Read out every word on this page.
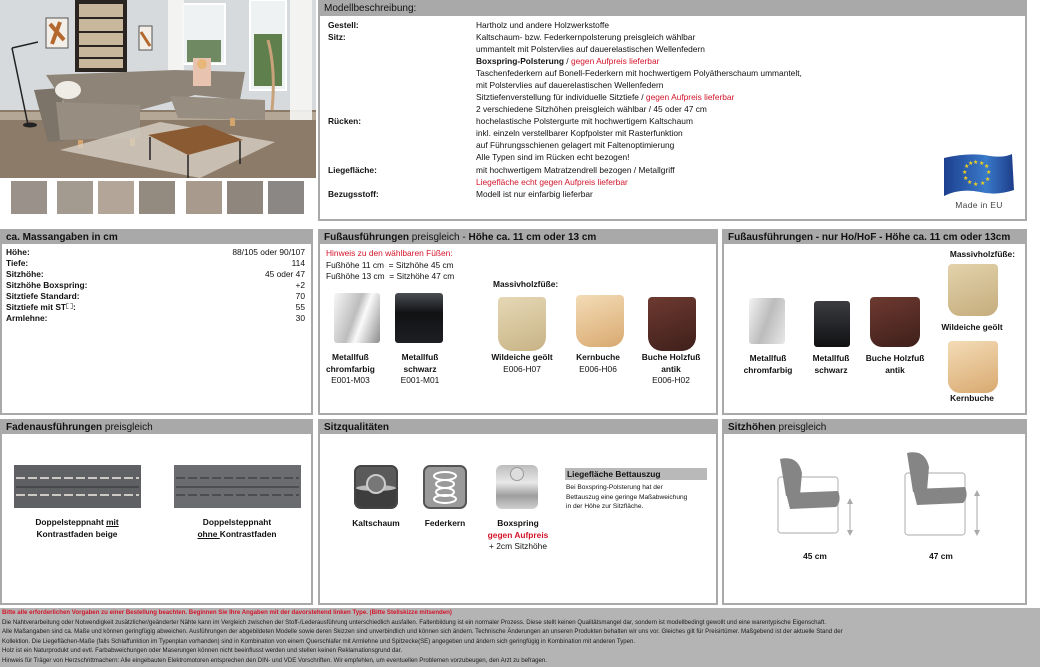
Modellbeschreibung:
Gestell:	Hartholz und andere Holzwerkstoffe
Sitz:	Kaltschaum- bzw. Federkernpolsterung preisgleich wählbar
ummantelt mit Polstervlies auf dauerelastischen Wellenfedern
Boxspring-Polsterung / gegen Aufpreis lieferbar
Taschenfederkern auf Bonell-Federkern mit hochwertigem Polyätherschaum ummantelt,
mit Polstervlies auf dauerelastischen Wellenfedern
Sitztiefenverstellung für individuelle Sitztiefe / gegen Aufpreis lieferbar
2 verschiedene Sitzhöhen preisgleich wählbar / 45 oder 47 cm
Rücken:	hochelastische Polstergurte mit hochwertigem Kaltschaum
inkl. einzeln verstellbarer Kopfpolster mit Rasterfunktion
auf Führungsschienen gelagert mit Faltenoptimierung
Alle Typen sind im Rücken echt bezogen!
Liegefläche:	mit hochwertigem Matratzendrell bezogen / Metallgriff
Liegefläche echt gegen Aufpreis lieferbar
Bezugsstoff:	Modell ist nur einfarbig lieferbar
★ ★ ★
★
★
★
★
★
★
★
★
★
Made in EU
ca. Massangaben in cm
Höhe:	88/105 oder 90/107
Tiefe:	114
Sitzhöhe:	45 oder 47
Sitzhöhe Boxspring:	+2
Sitztiefe Standard:	70
Sitztiefe mit ST :	55
Armlehne:	30
Fußausführungen preisgleich - Höhe ca. 11 cm oder 13 cm
Hinweis zu den wählbaren Füßen:
Fußhöhe 11 cm  = Sitzhöhe 45 cm
Fußhöhe 13 cm  = Sitzhöhe 47 cm
Massivholzfüße:
Metallfuß
chromfarbig
E001-M03
Metallfuß
schwarz
E001-M01
Wildeiche geölt
E006-H07
Kernbuche
E006-H06
Buche Holzfuß
antik
E006-H02
Fußausführungen - nur Ho/HoF - Höhe ca. 11 cm oder 13cm
Massivholzfüße:
Metallfuß
chromfarbig
Metallfuß
schwarz
Buche Holzfuß
antik
Wildeiche geölt
Kernbuche
Fadenausführungen preisgleich
Doppelsteppnaht mit
Kontrastfaden beige
Doppelsteppnaht
ohne Kontrastfaden
Sitzqualitäten
Kaltschaum	Federkern	Boxspring
gegen Aufpreis
+ 2cm Sitzhöhe
Liegefläche Bettauszug
Bei Boxspring-Polsterung hat der
Bettauszug eine geringe Maßabweichung
in der Höhe zur Sitzfläche.
Sitzhöhen preisgleich
45 cm	47 cm
Bitte alle erforderlichen Vorgaben zu einer Bestellung beachten. Beginnen Sie Ihre Angaben mit der davorstehend linken Type. (Bitte Stellskizze mitsenden)
Die Nahtverarbeitung oder Notwendigkeit zusätzlicher/geänderter Nähte kann im Vergleich zwischen der Stoff-/Lederausführung unterschiedlich ausfallen. Faltenbildung ist ein normaler Prozess. Diese stellt keinen Qualitätsmangel dar, sondern ist modellbedingt gewollt und eine warentypische Eigenschaft.
Alle Maßangaben sind ca. Maße und können geringfügig abweichen. Ausführungen der abgebildeten Modelle sowie deren Skizzen sind unverbindlich und können sich ändern. Technische Änderungen an unseren Produkten behalten wir uns vor. Gleiches gilt für Preisirtümer. Maßgebend ist der aktuelle Stand der
Kollektion. Die Liegeflächen-Maße (falls Schlaffunktion im Typenplan vorhanden) sind in Kombination von einem Querschlafer mit Armlehne und Spitzecke(SE) angegeben und ändern sich geringfügig in Kombination mit anderen Typen.
Holz ist ein Naturprodukt und evtl. Farbabweichungen oder Maserungen können nicht beeinflusst werden und stellen keinen Reklamationsgrund dar.
Hinweis für Träger von Herzschrittmachern: Alle eingebauten Elektromotoren entsprechen den DIN- und VDE Vorschriften. Wir empfehlen, um eventuellen Problemen vorzubeugen, den Arzt zu befragen.
